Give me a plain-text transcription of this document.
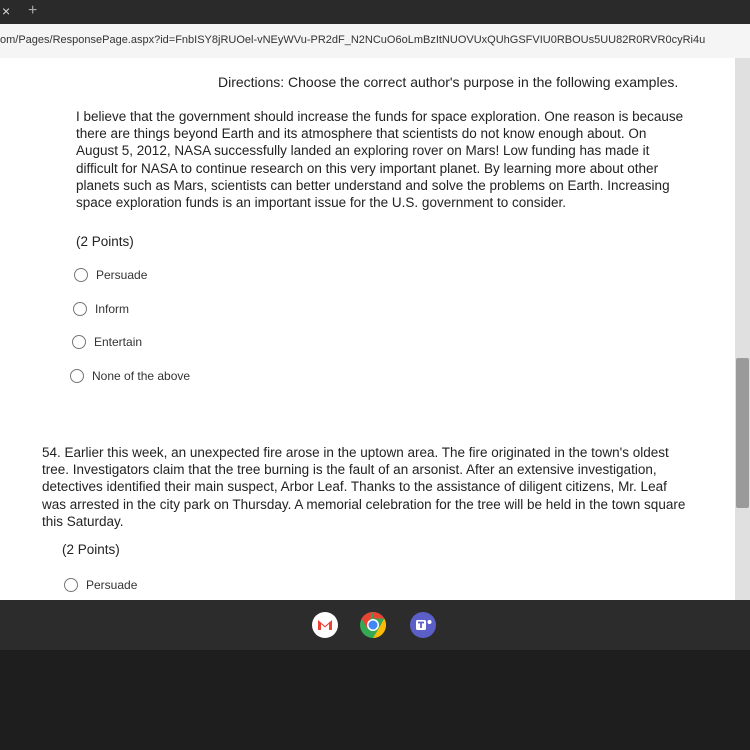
× +
om/Pages/ResponsePage.aspx?id=FnbISY8jRUOel-vNEyWVu-PR2dF_N2NCuO6oLmBzItNUOVUxQUhGSFVIU0RBOUs5UU82R0RVR0cyRi4u
Directions: Choose the correct author's purpose in the following examples.
I believe that the government should increase the funds for space exploration. One reason is because there are things beyond Earth and its atmosphere that scientists do not know enough about. On August 5, 2012, NASA successfully landed an exploring rover on Mars! Low funding has made it difficult for NASA to continue research on this very important planet. By learning more about other planets such as Mars, scientists can better understand and solve the problems on Earth. Increasing space exploration funds is an important issue for the U.S. government to consider.
(2 Points)
Persuade
Inform
Entertain
None of the above
54. Earlier this week, an unexpected fire arose in the uptown area. The fire originated in the town's oldest tree. Investigators claim that the tree burning is the fault of an arsonist. After an extensive investigation, detectives identified their main suspect, Arbor Leaf. Thanks to the assistance of diligent citizens, Mr. Leaf was arrested in the city park on Thursday. A memorial celebration for the tree will be held in the town square this Saturday.
(2 Points)
Persuade
